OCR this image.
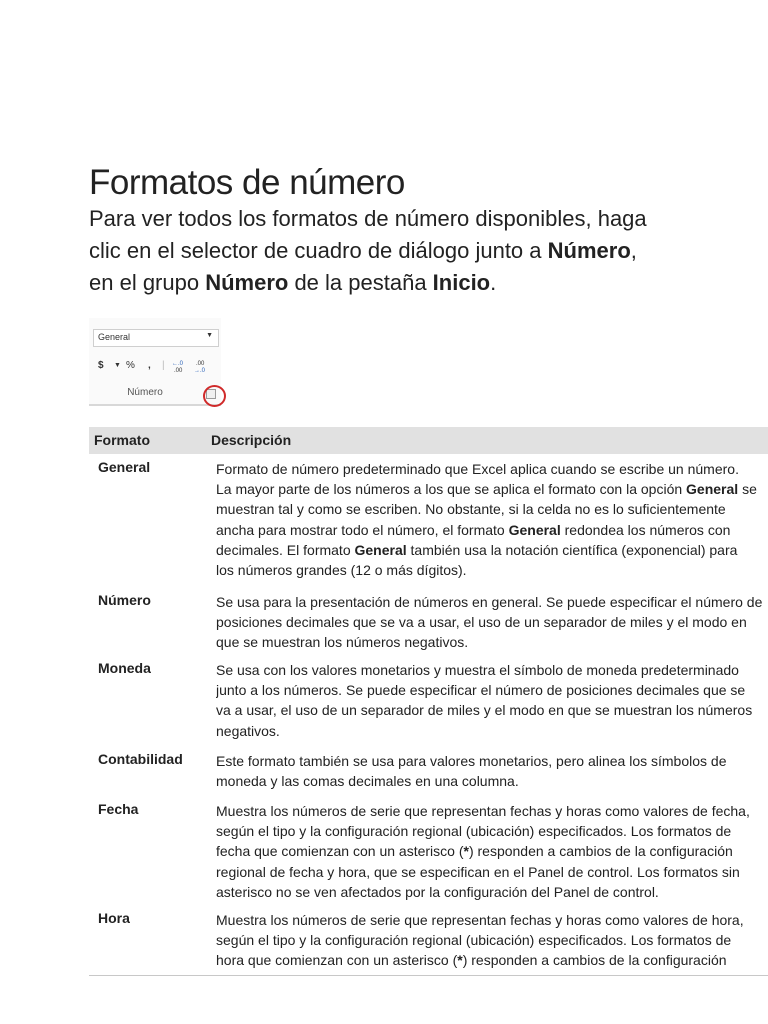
Formatos de número
Para ver todos los formatos de número disponibles, haga
clic en el selector de cuadro de diálogo junto a Número,
en el grupo Número de la pestaña Inicio.
General	▼
$ ▼ % , | ←.0
.00
.00
→.0
Número
Formato	Descripción
General	Formato de número predeterminado que Excel aplica cuando se escribe un número.
La mayor parte de los números a los que se aplica el formato con la opción General se
muestran tal y como se escriben. No obstante, si la celda no es lo suficientemente
ancha para mostrar todo el número, el formato General redondea los números con
decimales. El formato General también usa la notación científica (exponencial) para
los números grandes (12 o más dígitos).
Número	Se usa para la presentación de números en general. Se puede especificar el número de
posiciones decimales que se va a usar, el uso de un separador de miles y el modo en
que se muestran los números negativos.
Moneda	Se usa con los valores monetarios y muestra el símbolo de moneda predeterminado
junto a los números. Se puede especificar el número de posiciones decimales que se
va a usar, el uso de un separador de miles y el modo en que se muestran los números
negativos.
Contabilidad Este formato también se usa para valores monetarios, pero alinea los símbolos de
moneda y las comas decimales en una columna.
Fecha	Muestra los números de serie que representan fechas y horas como valores de fecha,
según el tipo y la configuración regional (ubicación) especificados. Los formatos de
fecha que comienzan con un asterisco (*) responden a cambios de la configuración
regional de fecha y hora, que se especifican en el Panel de control. Los formatos sin
asterisco no se ven afectados por la configuración del Panel de control.
Hora	Muestra los números de serie que representan fechas y horas como valores de hora,
según el tipo y la configuración regional (ubicación) especificados. Los formatos de
hora que comienzan con un asterisco (*) responden a cambios de la configuración
